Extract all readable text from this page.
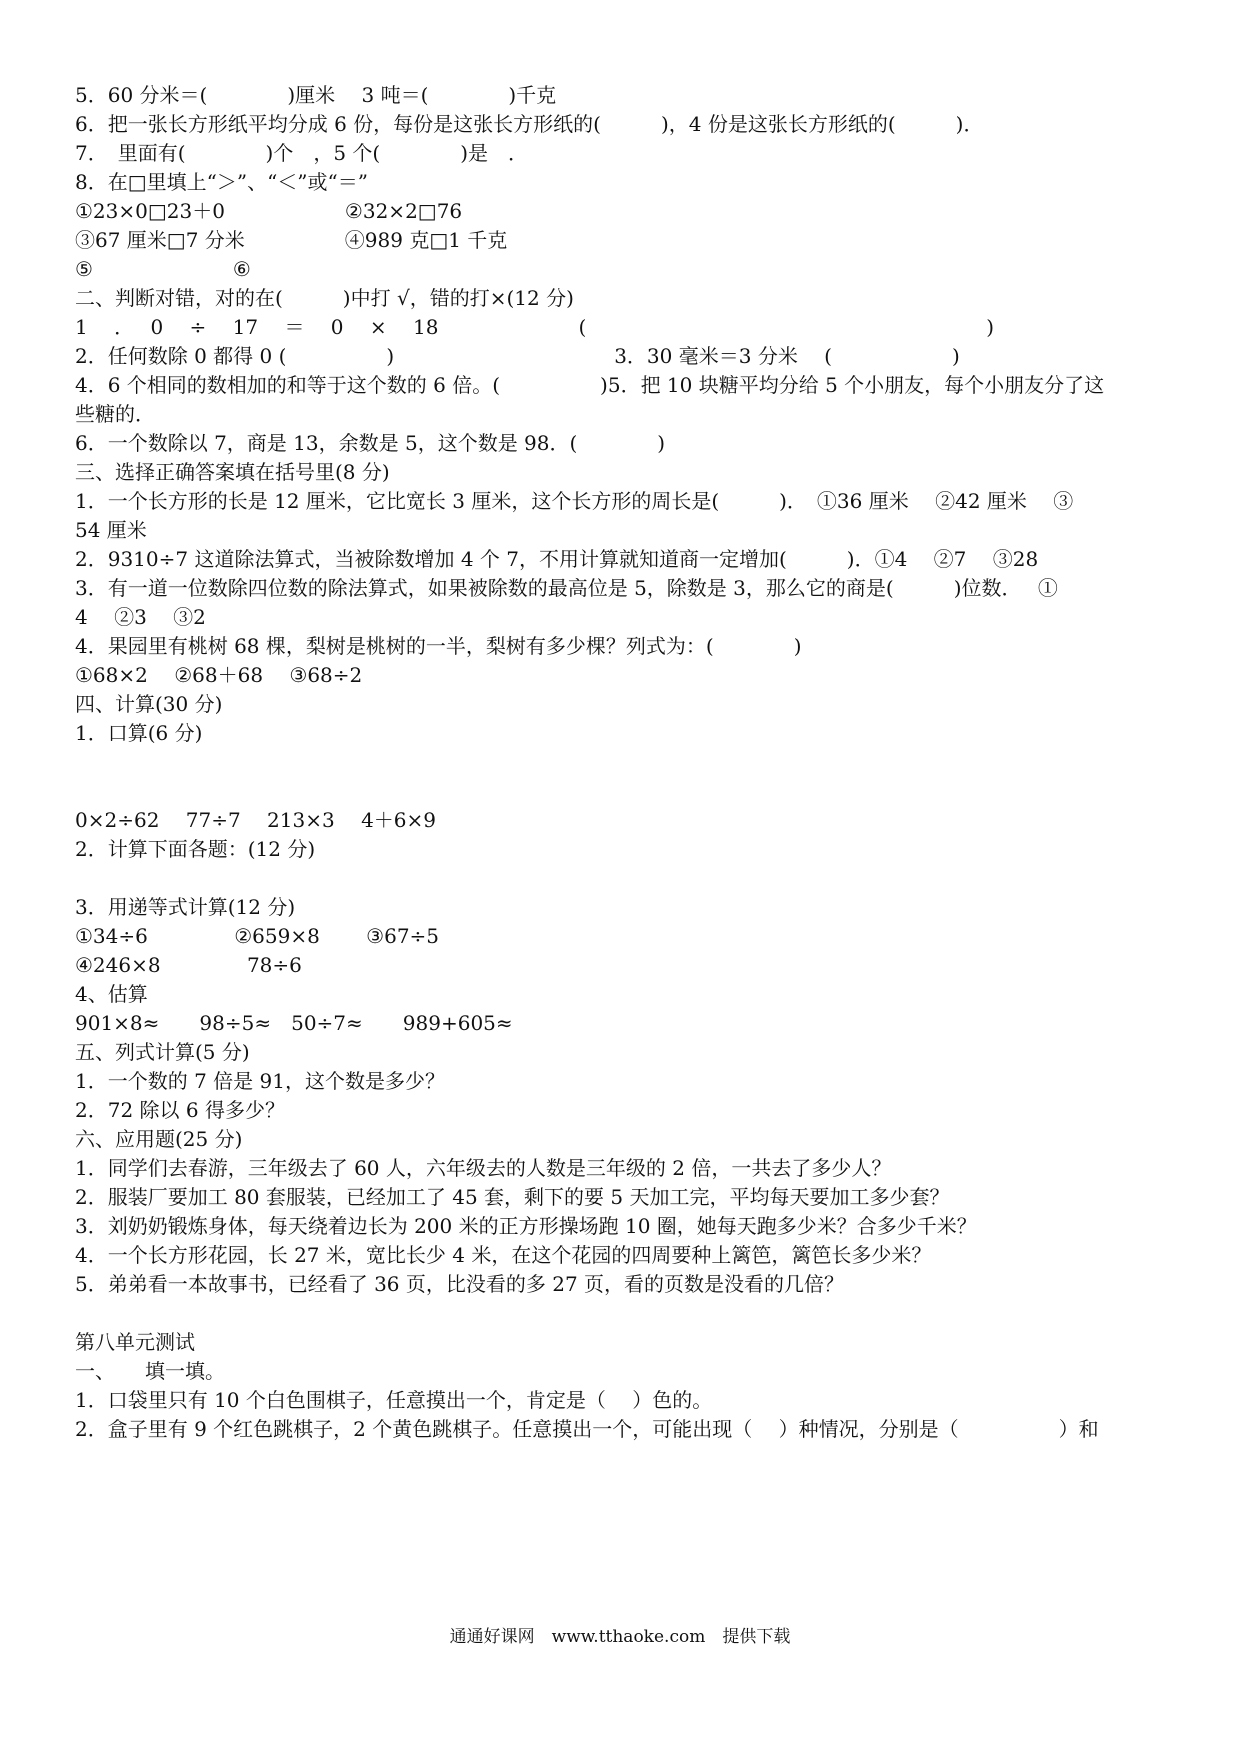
5．60 分米＝(　　　　)厘米　 3 吨＝(　　　　)千克
6．把一张长方形纸平均分成 6 份，每份是这张长方形纸的(　　　)，4 份是这张长方形纸的(　　　)．
7．　里面有(　　　　)个　，5 个(　　　　)是　．
8．在□里填上“＞”、“＜”或“＝”
①23×0□23＋0　　　　　　②32×2□76
③67 厘米□7 分米　　　　　④989 克□1 千克
⑤　　　　　　　⑥
二、判断对错，对的在(　　　)中打 √，错的打×(12 分)
1　 ．　 0　 ÷　 17　 ＝　 0　 ×　 18　　　　　　　(　　　　　　　　　　　　　　　　　　　　)
2．任何数除 0 都得 0 (　　　　　)　　　　　　　　　　　3．30 毫米＝3 分米　 (　　　　　　)
4．6 个相同的数相加的和等于这个数的 6 倍。(　　　　　)5．把 10 块糖平均分给 5 个小朋友，每个小朋友分了这
些糖的．
6．一个数除以 7，商是 13，余数是 5，这个数是 98．(　　　　)
三、选择正确答案填在括号里(8 分)
1．一个长方形的长是 12 厘米，它比宽长 3 厘米，这个长方形的周长是(　　　)．　①36 厘米　 ②42 厘米　 ③
54 厘米
2．9310÷7 这道除法算式，当被除数增加 4 个 7，不用计算就知道商一定增加(　　　)．①4　 ②7　 ③28
3．有一道一位数除四位数的除法算式，如果被除数的最高位是 5，除数是 3，那么它的商是(　　　)位数．　 ①
4　 ②3　 ③2
4．果园里有桃树 68 棵，梨树是桃树的一半，梨树有多少棵？列式为：(　　　　)
①68×2　 ②68＋68　 ③68÷2
四、计算(30 分)
1．口算(6 分)
0×2÷62　 77÷7　 213×3　 4＋6×9
2．计算下面各题：(12 分)
3．用递等式计算(12 分)
①34÷6　　　　 ②659×8　　 ③67÷5
④246×8　　　　 78÷6
4、估算
901×8≈　　98÷5≈　50÷7≈　　989+605≈
五、列式计算(5 分)
1．一个数的 7 倍是 91，这个数是多少？
2．72 除以 6 得多少？
六、应用题(25 分)
1．同学们去春游，三年级去了 60 人，六年级去的人数是三年级的 2 倍，一共去了多少人？
2．服装厂要加工 80 套服装，已经加工了 45 套，剩下的要 5 天加工完，平均每天要加工多少套？
3．刘奶奶锻炼身体，每天绕着边长为 200 米的正方形操场跑 10 圈，她每天跑多少米？合多少千米？
4．一个长方形花园，长 27 米，宽比长少 4 米，在这个花园的四周要种上篱笆，篱笆长多少米？
5．弟弟看一本故事书，已经看了 36 页，比没看的多 27 页，看的页数是没看的几倍？
第八单元测试
一、　　填一填。
1．口袋里只有 10 个白色围棋子，任意摸出一个，肯定是（　 ）色的。
2．盒子里有 9 个红色跳棋子，2 个黄色跳棋子。任意摸出一个，可能出现（　 ）种情况，分别是（　　　　　）和
通通好课网　www.tthaoke.com　提供下载
